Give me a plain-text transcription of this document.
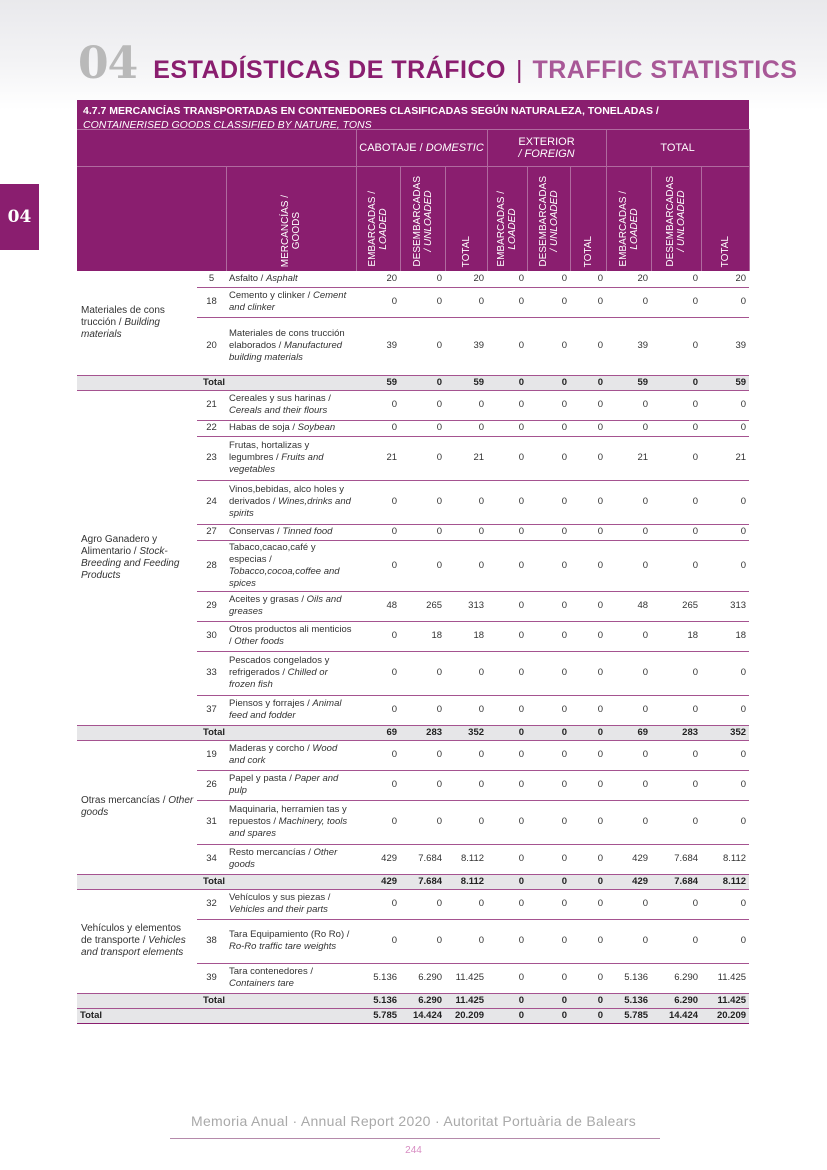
04 ESTADÍSTICAS DE TRÁFICO | TRAFFIC STATISTICS
04
4.7.7 MERCANCÍAS TRANSPORTADAS EN CONTENEDORES CLASIFICADAS SEGÚN NATURALEZA, TONELADAS / CONTAINERISED GOODS CLASSIFIED BY NATURE, TONS
			CABOTAJE / DOMESTIC			EXTERIOR
/ FOREIGN			TOTAL		

		MERCANCÍAS /
GOODS	EMBARCADAS /
LOADED	DESEMBARCADAS
/ UNLOADED	TOTAL	EMBARCADAS /
LOADED	DESEMBARCADAS
/ UNLOADED	TOTAL	EMBARCADAS /
LOADED	DESEMBARCADAS
/ UNLOADED	TOTAL

Materiales de cons trucción / Building materials	5	Asfalto / Asphalt	20	0	20	0	0	0	20	0	20
	18	Cemento y clinker / Cement and clinker	0	0	0	0	0	0	0	0	0
	20	Materiales de cons trucción elaborados / Manufactured building materials	39	0	39	0	0	0	39	0	39
Total			59	0	59	0	0	0	59	0	59
Agro Ganadero y Alimentario / Stock-Breeding and Feeding Products	21	Cereales y sus harinas / Cereals and their flours	0	0	0	0	0	0	0	0	0
	22	Habas de soja / Soybean	0	0	0	0	0	0	0	0	0
	23	Frutas, hortalizas y legumbres / Fruits and vegetables	21	0	21	0	0	0	21	0	21
	24	Vinos,bebidas, alco holes y derivados / Wines,drinks and spirits	0	0	0	0	0	0	0	0	0
	27	Conservas / Tinned food	0	0	0	0	0	0	0	0	0
	28	Tabaco,cacao,café y especias / Tobacco,cocoa,coffee and spices	0	0	0	0	0	0	0	0	0
	29	Aceites y grasas / Oils and greases	48	265	313	0	0	0	48	265	313
	30	Otros productos ali menticios / Other foods	0	18	18	0	0	0	0	18	18
	33	Pescados congelados y refrigerados / Chilled or frozen fish	0	0	0	0	0	0	0	0	0
	37	Piensos y forrajes / Animal feed and fodder	0	0	0	0	0	0	0	0	0
Total			69	283	352	0	0	0	69	283	352
Otras mercancías / Other goods	19	Maderas y corcho / Wood and cork	0	0	0	0	0	0	0	0	0
	26	Papel y pasta / Paper and pulp	0	0	0	0	0	0	0	0	0
	31	Maquinaria, herramien tas y repuestos / Machinery, tools and spares	0	0	0	0	0	0	0	0	0
	34	Resto mercancías / Other goods	429	7.684	8.112	0	0	0	429	7.684	8.112
Total			429	7.684	8.112	0	0	0	429	7.684	8.112
Vehículos y elementos de transporte / Vehicles and transport elements	32	Vehículos y sus piezas / Vehicles and their parts	0	0	0	0	0	0	0	0	0
	38	Tara Equipamiento (Ro Ro) / Ro-Ro traffic tare weights	0	0	0	0	0	0	0	0	0
	39	Tara contenedores / Containers tare	5.136	6.290	11.425	0	0	0	5.136	6.290	11.425
Total			5.136	6.290	11.425	0	0	0	5.136	6.290	11.425
Total			5.785	14.424	20.209	0	0	0	5.785	14.424	20.209
Memoria Anual · Annual Report 2020 · Autoritat Portuària de Balears
244
